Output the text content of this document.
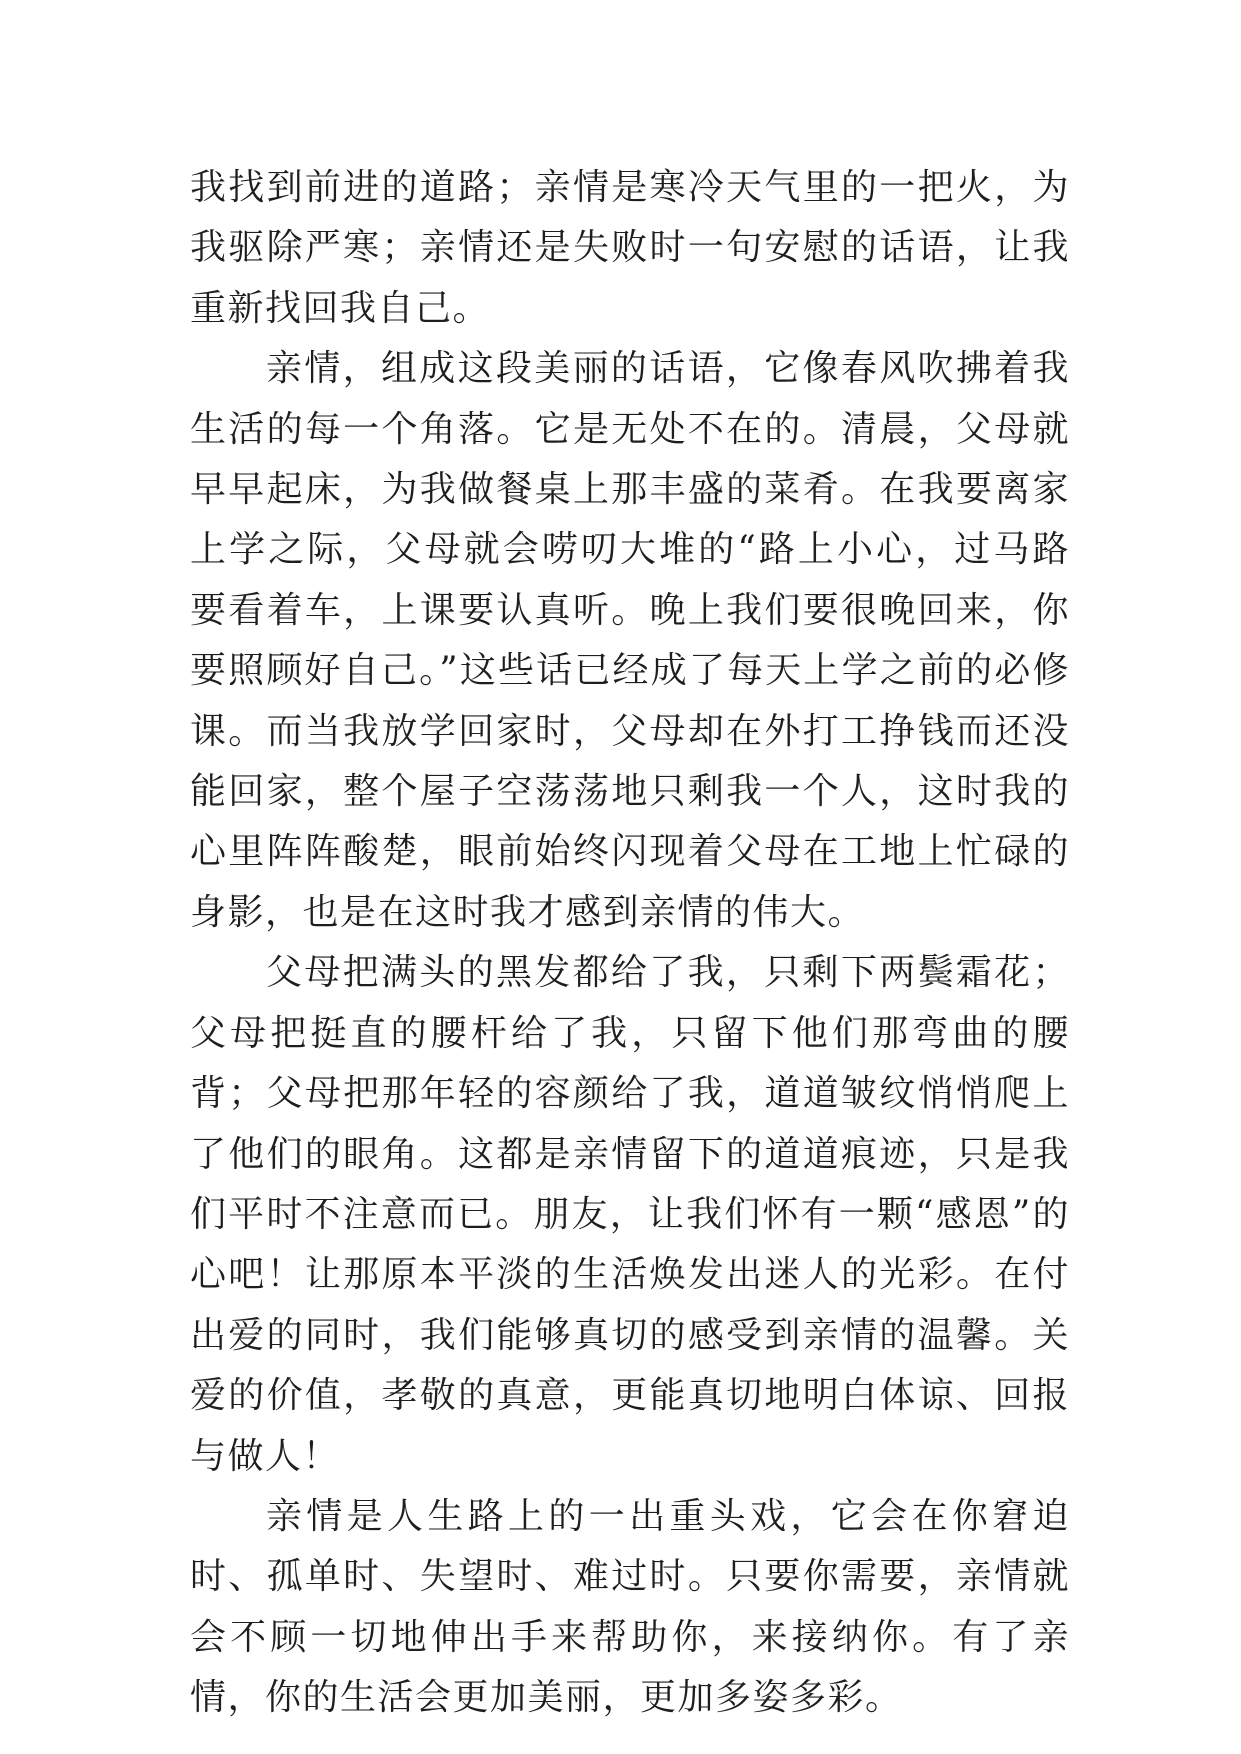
我找到前进的道路；亲情是寒冷天气里的一把火，为我驱除严寒；亲情还是失败时一句安慰的话语，让我重新找回我自己。

亲情，组成这段美丽的话语，它像春风吹拂着我生活的每一个角落。它是无处不在的。清晨，父母就早早起床，为我做餐桌上那丰盛的菜肴。在我要离家上学之际，父母就会唠叨大堆的“路上小心，过马路要看着车，上课要认真听。晚上我们要很晚回来，你要照顾好自己。”这些话已经成了每天上学之前的必修课。而当我放学回家时，父母却在外打工挣钱而还没能回家，整个屋子空荡荡地只剩我一个人，这时我的心里阵阵酸楚，眼前始终闪现着父母在工地上忙碌的身影，也是在这时我才感到亲情的伟大。

父母把满头的黑发都给了我，只剩下两鬓霜花；父母把挺直的腰杆给了我，只留下他们那弯曲的腰背；父母把那年轻的容颜给了我，道道皱纹悄悄爬上了他们的眼角。这都是亲情留下的道道痕迹，只是我们平时不注意而已。朋友，让我们怀有一颗“感恩”的心吧！让那原本平淡的生活焕发出迷人的光彩。在付出爱的同时，我们能够真切的感受到亲情的温馨。关爱的价值，孝敬的真意，更能真切地明白体谅、回报与做人！

亲情是人生路上的一出重头戏，它会在你窘迫时、孤单时、失望时、难过时。只要你需要，亲情就会不顾一切地伸出手来帮助你，来接纳你。有了亲情，你的生活会更加美丽，更加多姿多彩。
